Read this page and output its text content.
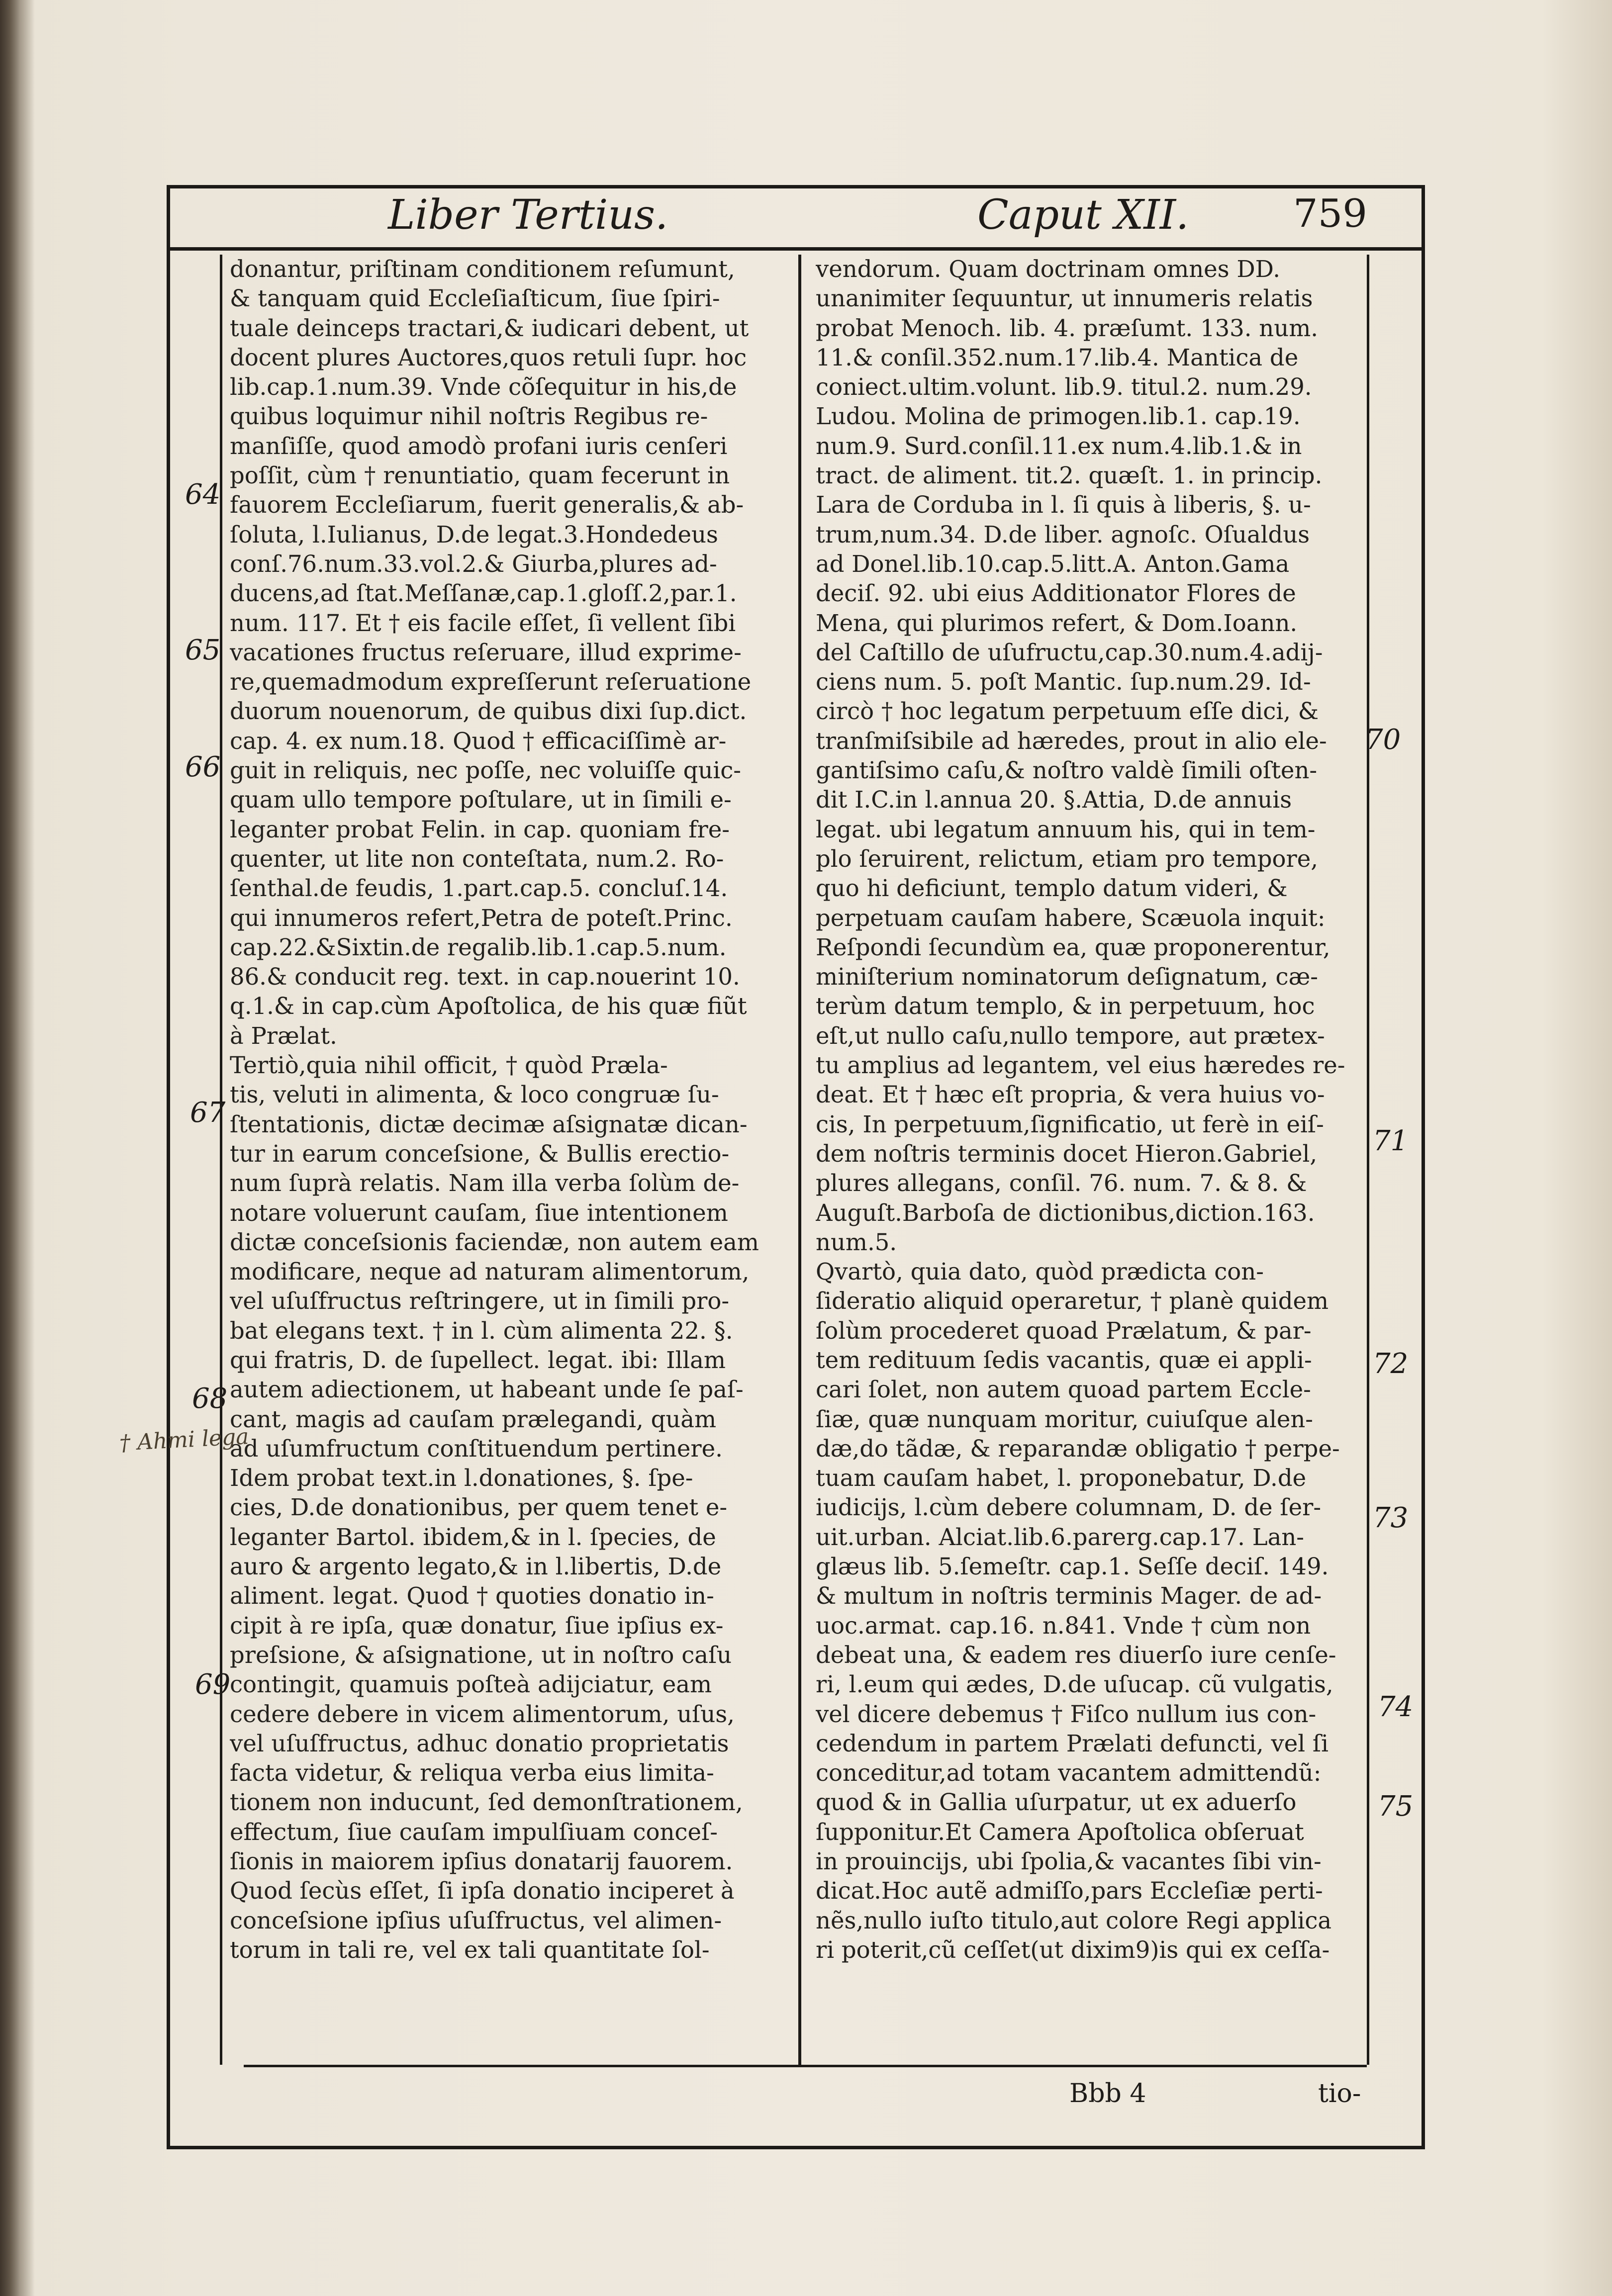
Liber Tertius.	Caput XII.	759
donantur, priſtinam conditionem reſumunt,
& tanquam quid Eccleſiaſticum, ſiue ſpiri-
tuale deinceps tractari,& iudicari debent, ut
docent plures Auctores,quos retuli ſupr. hoc
lib.cap.1.num.39. Vnde cõſequitur in his,de
quibus loquimur nihil noſtris Regibus re-
manſiſſe, quod amodò profani iuris cenſeri
poſſit, cùm † renuntiatio, quam fecerunt in
fauorem Eccleſiarum, fuerit generalis,& ab-
ſoluta, l.Iulianus, D.de legat.3.Hondedeus
conſ.76.num.33.vol.2.& Giurba,plures ad-
ducens,ad ſtat.Meſſanæ,cap.1.gloſſ.2,par.1.
num. 117. Et † eis facile eſſet, ſi vellent ſibi
vacationes fructus reſeruare, illud exprime-
re,quemadmodum expreſſerunt reſeruatione
duorum nouenorum, de quibus dixi ſup.dict.
cap. 4. ex num.18. Quod † efficaciſſimè ar-
guit in reliquis, nec poſſe, nec voluiſſe quic-
quam ullo tempore poſtulare, ut in ſimili e-
leganter probat Felin. in cap. quoniam fre-
quenter, ut lite non conteſtata, num.2. Ro-
ſenthal.de feudis, 1.part.cap.5. concluſ.14.
qui innumeros refert,Petra de poteſt.Princ.
cap.22.&Sixtin.de regalib.lib.1.cap.5.num.
86.& conducit reg. text. in cap.nouerint 10.
q.1.& in cap.cùm Apoſtolica, de his quæ fiũt
à Prælat.
Tertiò,quia nihil officit, † quòd Præla-
tis, veluti in alimenta, & loco congruæ ſu-
ſtentationis, dictæ decimæ aſsignatæ dican-
tur in earum conceſsione, & Bullis erectio-
num ſuprà relatis. Nam illa verba ſolùm de-
notare voluerunt cauſam, ſiue intentionem
dictæ conceſsionis faciendæ, non autem eam
modificare, neque ad naturam alimentorum,
vel uſuſfructus reſtringere, ut in ſimili pro-
bat elegans text. † in l. cùm alimenta 22. §.
qui fratris, D. de ſupellect. legat. ibi: Illam
autem adiectionem, ut habeant unde ſe paſ-
cant, magis ad cauſam prælegandi, quàm
ad uſumfructum conſtituendum pertinere.
Idem probat text.in l.donationes, §. ſpe-
cies, D.de donationibus, per quem tenet e-
leganter Bartol. ibidem,& in l. ſpecies, de
auro & argento legato,& in l.libertis, D.de
aliment. legat. Quod † quoties donatio in-
cipit à re ipſa, quæ donatur, ſiue ipſius ex-
preſsione, & aſsignatione, ut in noſtro caſu
contingit, quamuis poſteà adijciatur, eam
cedere debere in vicem alimentorum, uſus,
vel uſuſfructus, adhuc donatio proprietatis
facta videtur, & reliqua verba eius limita-
tionem non inducunt, ſed demonſtrationem,
effectum, ſiue cauſam impulſiuam conceſ-
ſionis in maiorem ipſius donatarij fauorem.
Quod ſecùs eſſet, ſi ipſa donatio inciperet à
conceſsione ipſius uſuſfructus, vel alimen-
torum in tali re, vel ex tali quantitate ſol-
vendorum. Quam doctrinam omnes DD.
unanimiter ſequuntur, ut innumeris relatis
probat Menoch. lib. 4. præſumt. 133. num.
11.& conſil.352.num.17.lib.4. Mantica de
coniect.ultim.volunt. lib.9. titul.2. num.29.
Ludou. Molina de primogen.lib.1. cap.19.
num.9. Surd.conſil.11.ex num.4.lib.1.& in
tract. de aliment. tit.2. quæſt. 1. in princip.
Lara de Corduba in l. ſi quis à liberis, §. u-
trum,num.34. D.de liber. agnoſc. Oſualdus
ad Donel.lib.10.cap.5.litt.A. Anton.Gama
deciſ. 92. ubi eius Additionator Flores de
Mena, qui plurimos refert, & Dom.Ioann.
del Caſtillo de uſufructu,cap.30.num.4.adij-
ciens num. 5. poſt Mantic. ſup.num.29. Id-
circò † hoc legatum perpetuum eſſe dici, &
tranſmiſsibile ad hæredes, prout in alio ele-
gantiſsimo caſu,& noſtro valdè ſimili oſten-
dit I.C.in l.annua 20. §.Attia, D.de annuis
legat. ubi legatum annuum his, qui in tem-
plo ſeruirent, relictum, etiam pro tempore,
quo hi deficiunt, templo datum videri, &
perpetuam cauſam habere, Scæuola inquit:
Reſpondi ſecundùm ea, quæ proponerentur,
miniſterium nominatorum deſignatum, cæ-
terùm datum templo, & in perpetuum, hoc
eſt,ut nullo caſu,nullo tempore, aut prætex-
tu amplius ad legantem, vel eius hæredes re-
deat. Et † hæc eſt propria, & vera huius vo-
cis, In perpetuum,ſignificatio, ut ferè in eiſ-
dem noſtris terminis docet Hieron.Gabriel,
plures allegans, conſil. 76. num. 7. & 8. &
Auguſt.Barboſa de dictionibus,diction.163.
num.5.
Qvartò, quia dato, quòd prædicta con-
ſideratio aliquid operaretur, † planè quidem
ſolùm procederet quoad Prælatum, & par-
tem redituum ſedis vacantis, quæ ei appli-
cari ſolet, non autem quoad partem Eccle-
ſiæ, quæ nunquam moritur, cuiuſque alen-
dæ,do tãdæ, & reparandæ obligatio † perpe-
tuam cauſam habet, l. proponebatur, D.de
iudicijs, l.cùm debere columnam, D. de ſer-
uit.urban. Alciat.lib.6.parerg.cap.17. Lan-
glæus lib. 5.ſemeſtr. cap.1. Seſſe deciſ. 149.
& multum in noſtris terminis Mager. de ad-
uoc.armat. cap.16. n.841. Vnde † cùm non
debeat una, & eadem res diuerſo iure cenſe-
ri, l.eum qui ædes, D.de uſucap. cũ vulgatis,
vel dicere debemus † Fiſco nullum ius con-
cedendum in partem Prælati defuncti, vel ſi
conceditur,ad totam vacantem admittendũ:
quod & in Gallia uſurpatur, ut ex aduerſo
ſupponitur.Et Camera Apoſtolica obſeruat
in prouincijs, ubi ſpolia,& vacantes ſibi vin-
dicat.Hoc autẽ admiſſo,pars Eccleſiæ perti-
nẽs,nullo iuſto titulo,aut colore Regi applica
ri poterit,cũ ceſſet(ut dixim9)is qui ex ceſſa-
64
65
66
67
68
69
70
71
72
73
74
75
† Ahmi lega
Bbb 4	tio-
